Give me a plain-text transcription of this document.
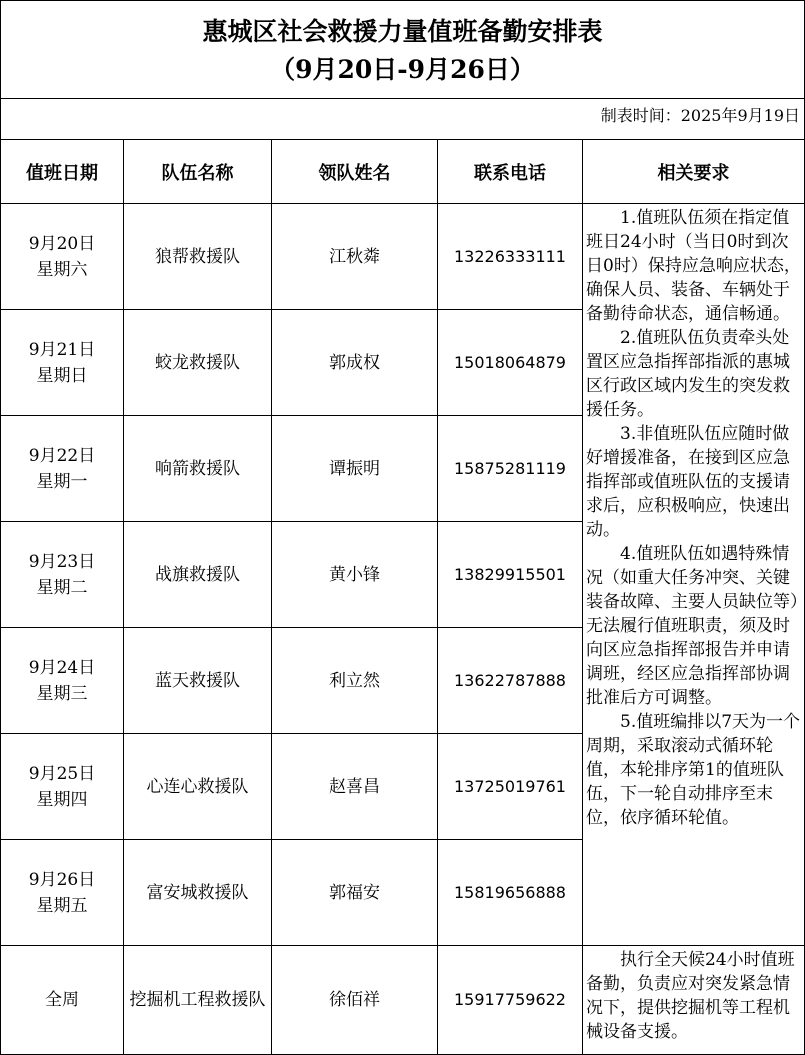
惠城区社会救援力量值班备勤安排表
（9月20日-9月26日）				

制表时间：2025年9月19日				

值班日期	队伍名称	领队姓名	联系电话	相关要求

9月20日
星期六	狼帮救援队	江秋粦	13226333111	1.值班队伍须在指定值班日24小时（当日0时到次日0时）保持应急响应状态，确保人员、装备、车辆处于备勤待命状态，通信畅通。
2.值班队伍负责牵头处置区应急指挥部指派的惠城区行政区域内发生的突发救援任务。
3.非值班队伍应随时做好增援准备，在接到区应急指挥部或值班队伍的支援请求后，应积极响应，快速出动。
4.值班队伍如遇特殊情况（如重大任务冲突、关键装备故障、主要人员缺位等）无法履行值班职责，须及时向区应急指挥部报告并申请调班，经区应急指挥部协调批准后方可调整。
5.值班编排以7天为一个周期，采取滚动式循环轮值，本轮排序第1的值班队伍，下一轮自动排序至末位，依序循环轮值。

9月21日
星期日	蛟龙救援队	郭成权	15018064879	

9月22日
星期一	响箭救援队	谭振明	15875281119	

9月23日
星期二	战旗救援队	黄小锋	13829915501	

9月24日
星期三	蓝天救援队	利立然	13622787888	

9月25日
星期四	心连心救援队	赵喜昌	13725019761	

9月26日
星期五	富安城救援队	郭福安	15819656888	
全周	挖掘机工程救援队	徐佰祥	15917759622	执行全天候24小时值班备勤，负责应对突发紧急情况下，提供挖掘机等工程机械设备支援。
